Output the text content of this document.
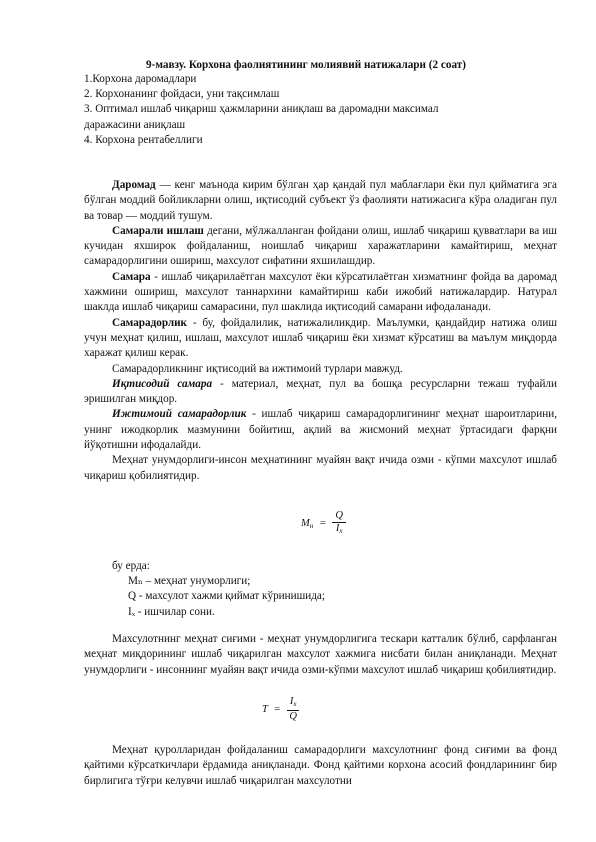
9-мавзу. Корхона фаолиятининг молиявий натижалари (2 соат)
1.Корхона даромадлари
2. Корхонанинг фойдаси, уни тақсимлаш
3. Оптимал ишлаб чиқариш ҳажмларини аниқлаш ва даромадни максимал
даражасини аниқлаш
4. Корхона рентабеллиги

Даромад — кенг маънода кирим бўлган ҳар қандай пул маблағлари ёки пул қийматига эга бўлган моддий бойликларни олиш, иқтисодий субъект ўз фаолияти натижасига кўра оладиган пул ва товар — моддий тушум.

Самарали ишлаш дегани, мўлжалланган фойдани олиш, ишлаб чиқариш қувватлари ва иш кучидан яхширок фойдаланиш, ноишлаб чиқариш харажатларини камайтириш, меҳнат самарадорлигини ошириш, махсулот сифатини яхшилашдир.

Самара - ишлаб чиқарилаётган махсулот ёки кўрсатилаётган хизматнинг фойда ва даромад хажмини ошириш, махсулот таннархини камайтириш каби ижобий натижалардир. Натурал шаклда ишлаб чиқариш самарасини, пул шаклида иқтисодий самарани ифодаланади.

Самарадорлик - бу, фойдалилик, натижалиликдир. Маълумки, қандайдир натижа олиш учун меҳнат қилиш, ишлаш, махсулот ишлаб чиқариш ёки хизмат кўрсатиш ва маълум миқдорда харажат қилиш керак.

Самарадорликнинг иқтисодий ва ижтимоий турлари мавжуд.

Иқтисодий самара - материал, меҳнат, пул ва бошқа ресурсларни тежаш туфайли эришилган миқдор.

Ижтимоий самарадорлик - ишлаб чиқариш самарадорлигининг меҳнат шароитларини, унинг ижодкорлик мазмунини бойитиш, ақлий ва жисмоний меҳнат ўртасидаги фарқни йўқотишни ифодалайди.

Меҳнат унумдорлиги-инсон меҳнатининг муайян вақт ичида озми - кўпми махсулот ишлаб чиқариш қобилиятидир.

$M_н = \frac{Q}{I_х}$
бу ерда:
Mₙ – меҳнат унуморлиги;
Q - махсулот хажми қиймат кўринишида;
Iₓ - ишчилар сони.

Махсулотнинг меҳнат сиғими - меҳнат унумдорлигига тескари катталик бўлиб, сарфланган меҳнат миқдорининг ишлаб чиқарилган махсулот хажмига нисбати билан аниқланади. Меҳнат унумдорлиги - инсоннинг муайян вақт ичида озми-кўпми махсулот ишлаб чиқариш қобилиятидир.

$T = \frac{I_х}{Q}$

Меҳнат қуролларидан фойдаланиш самарадорлиги махсулотнинг фонд сиғими ва фонд қайтими кўрсаткичлари ёрдамида аниқланади. Фонд қайтими корхона асосий фондларининг бир бирлигига тўғри келувчи ишлаб чиқарилган махсулотни
